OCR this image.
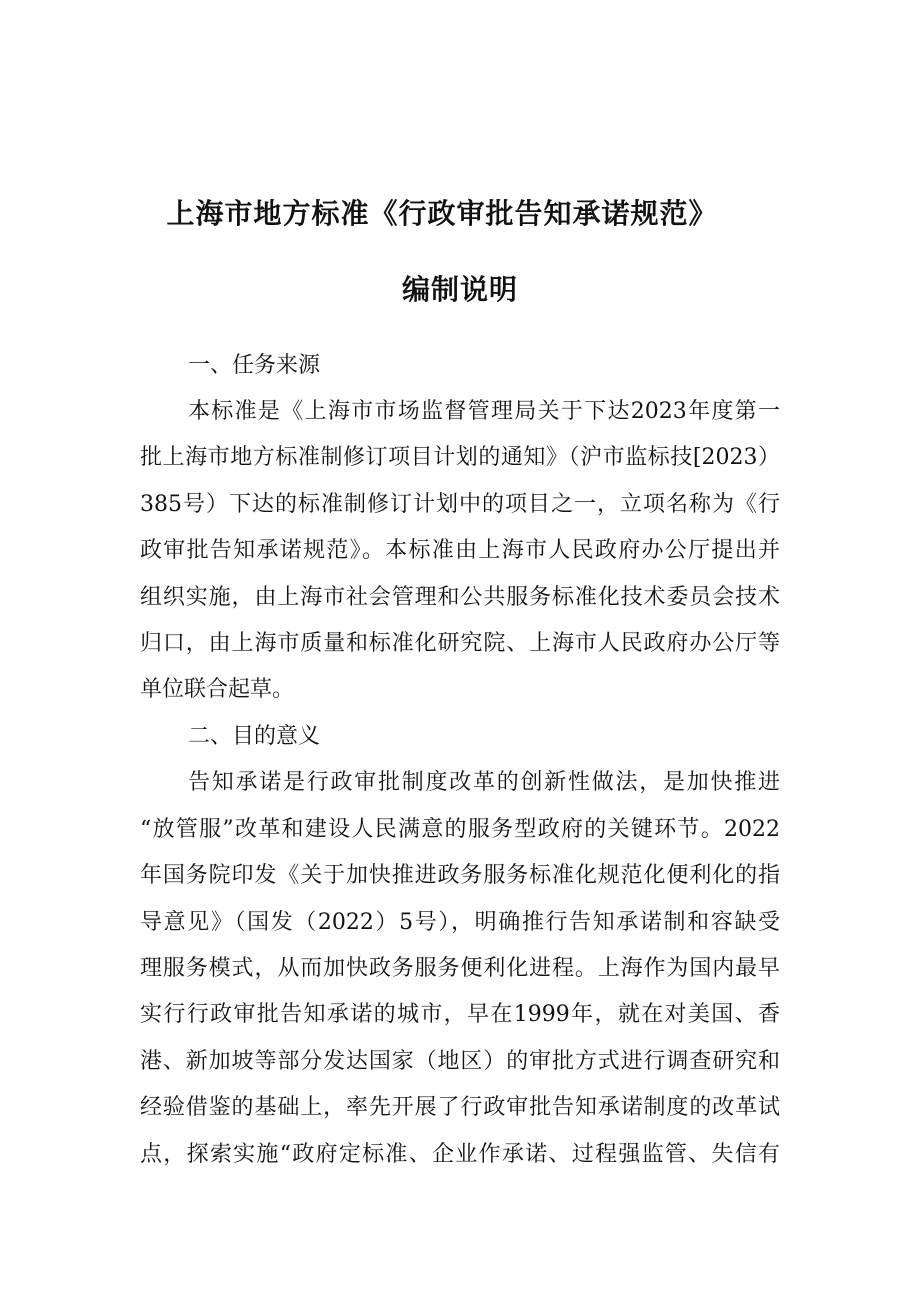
上海市地方标准《行政审批告知承诺规范》
编制说明
一、任务来源
本标准是《上海市市场监督管理局关于下达2023年度第一
批上海市地方标准制修订项目计划的通知》（沪市监标技[2023）
385号）下达的标准制修订计划中的项目之一，立项名称为《行
政审批告知承诺规范》。本标准由上海市人民政府办公厅提出并
组织实施，由上海市社会管理和公共服务标准化技术委员会技术
归口，由上海市质量和标准化研究院、上海市人民政府办公厅等
单位联合起草。
二、目的意义
告知承诺是行政审批制度改革的创新性做法，是加快推进
“放管服”改革和建设人民满意的服务型政府的关键环节。2022
年国务院印发《关于加快推进政务服务标准化规范化便利化的指
导意见》（国发（2022）5号），明确推行告知承诺制和容缺受
理服务模式，从而加快政务服务便利化进程。上海作为国内最早
实行行政审批告知承诺的城市，早在1999年，就在对美国、香
港、新加坡等部分发达国家（地区）的审批方式进行调查研究和
经验借鉴的基础上，率先开展了行政审批告知承诺制度的改革试
点，探索实施“政府定标准、企业作承诺、过程强监管、失信有
